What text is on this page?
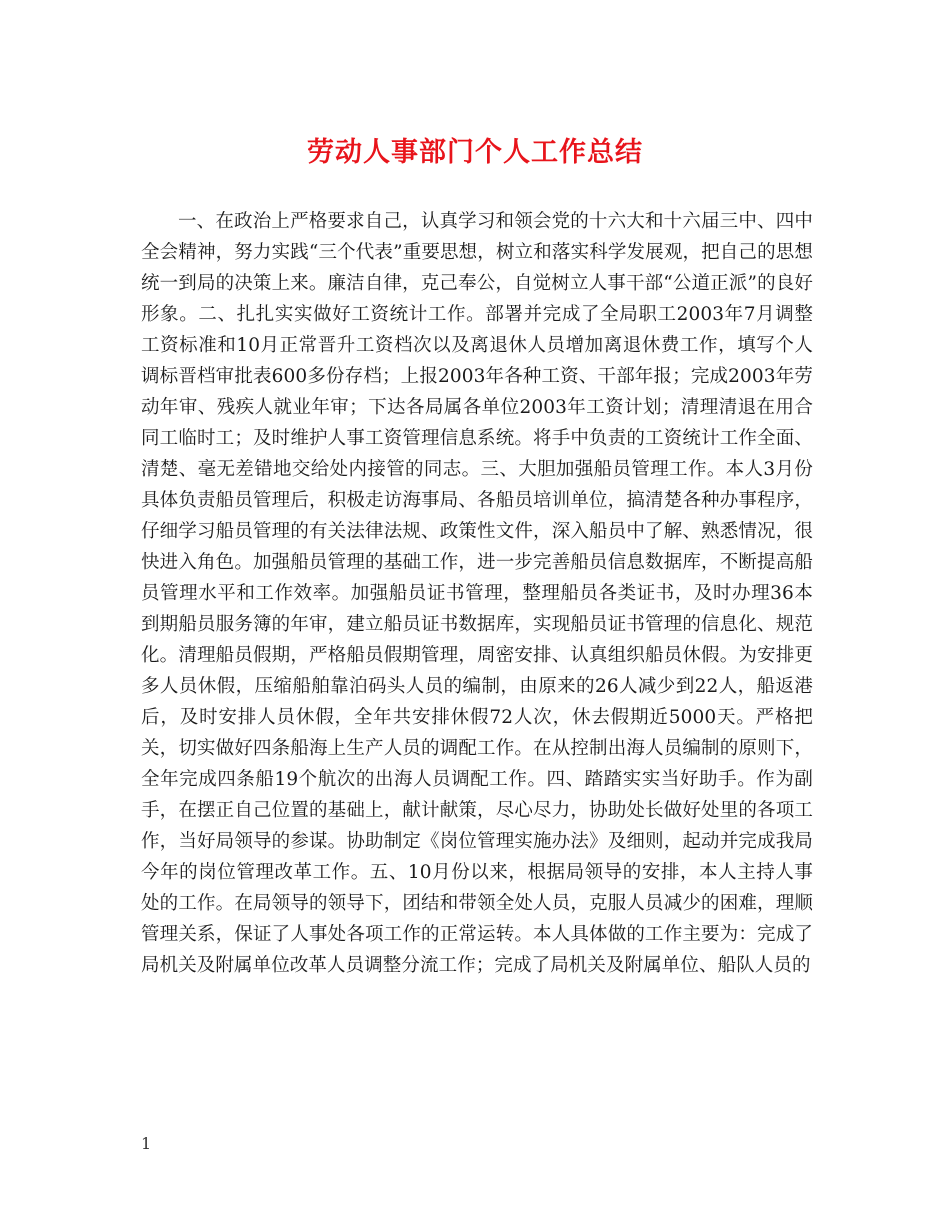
劳动人事部门个人工作总结

一、在政治上严格要求自己，认真学习和领会党的十六大和十六届三中、四中全会精神，努力实践“三个代表”重要思想，树立和落实科学发展观，把自己的思想统一到局的决策上来。廉洁自律，克己奉公，自觉树立人事干部“公道正派”的良好形象。二、扎扎实实做好工资统计工作。部署并完成了全局职工2003年7月调整工资标准和10月正常晋升工资档次以及离退休人员增加离退休费工作，填写个人调标晋档审批表600多份存档；上报2003年各种工资、干部年报；完成2003年劳动年审、残疾人就业年审；下达各局属各单位2003年工资计划；清理清退在用合同工临时工；及时维护人事工资管理信息系统。将手中负责的工资统计工作全面、清楚、毫无差错地交给处内接管的同志。三、大胆加强船员管理工作。本人3月份具体负责船员管理后，积极走访海事局、各船员培训单位，搞清楚各种办事程序，仔细学习船员管理的有关法律法规、政策性文件，深入船员中了解、熟悉情况，很快进入角色。加强船员管理的基础工作，进一步完善船员信息数据库，不断提高船员管理水平和工作效率。加强船员证书管理，整理船员各类证书，及时办理36本到期船员服务簿的年审，建立船员证书数据库，实现船员证书管理的信息化、规范化。清理船员假期，严格船员假期管理，周密安排、认真组织船员休假。为安排更多人员休假，压缩船舶靠泊码头人员的编制，由原来的26人减少到22人，船返港后，及时安排人员休假，全年共安排休假72人次，休去假期近5000天。严格把关，切实做好四条船海上生产人员的调配工作。在从控制出海人员编制的原则下，全年完成四条船19个航次的出海人员调配工作。四、踏踏实实当好助手。作为副手，在摆正自己位置的基础上，献计献策，尽心尽力，协助处长做好处里的各项工作，当好局领导的参谋。协助制定《岗位管理实施办法》及细则，起动并完成我局今年的岗位管理改革工作。五、10月份以来，根据局领导的安排，本人主持人事处的工作。在局领导的领导下，团结和带领全处人员，克服人员减少的困难，理顺管理关系，保证了人事处各项工作的正常运转。本人具体做的工作主要为：完成了局机关及附属单位改革人员调整分流工作；完成了局机关及附属单位、船队人员的

1
